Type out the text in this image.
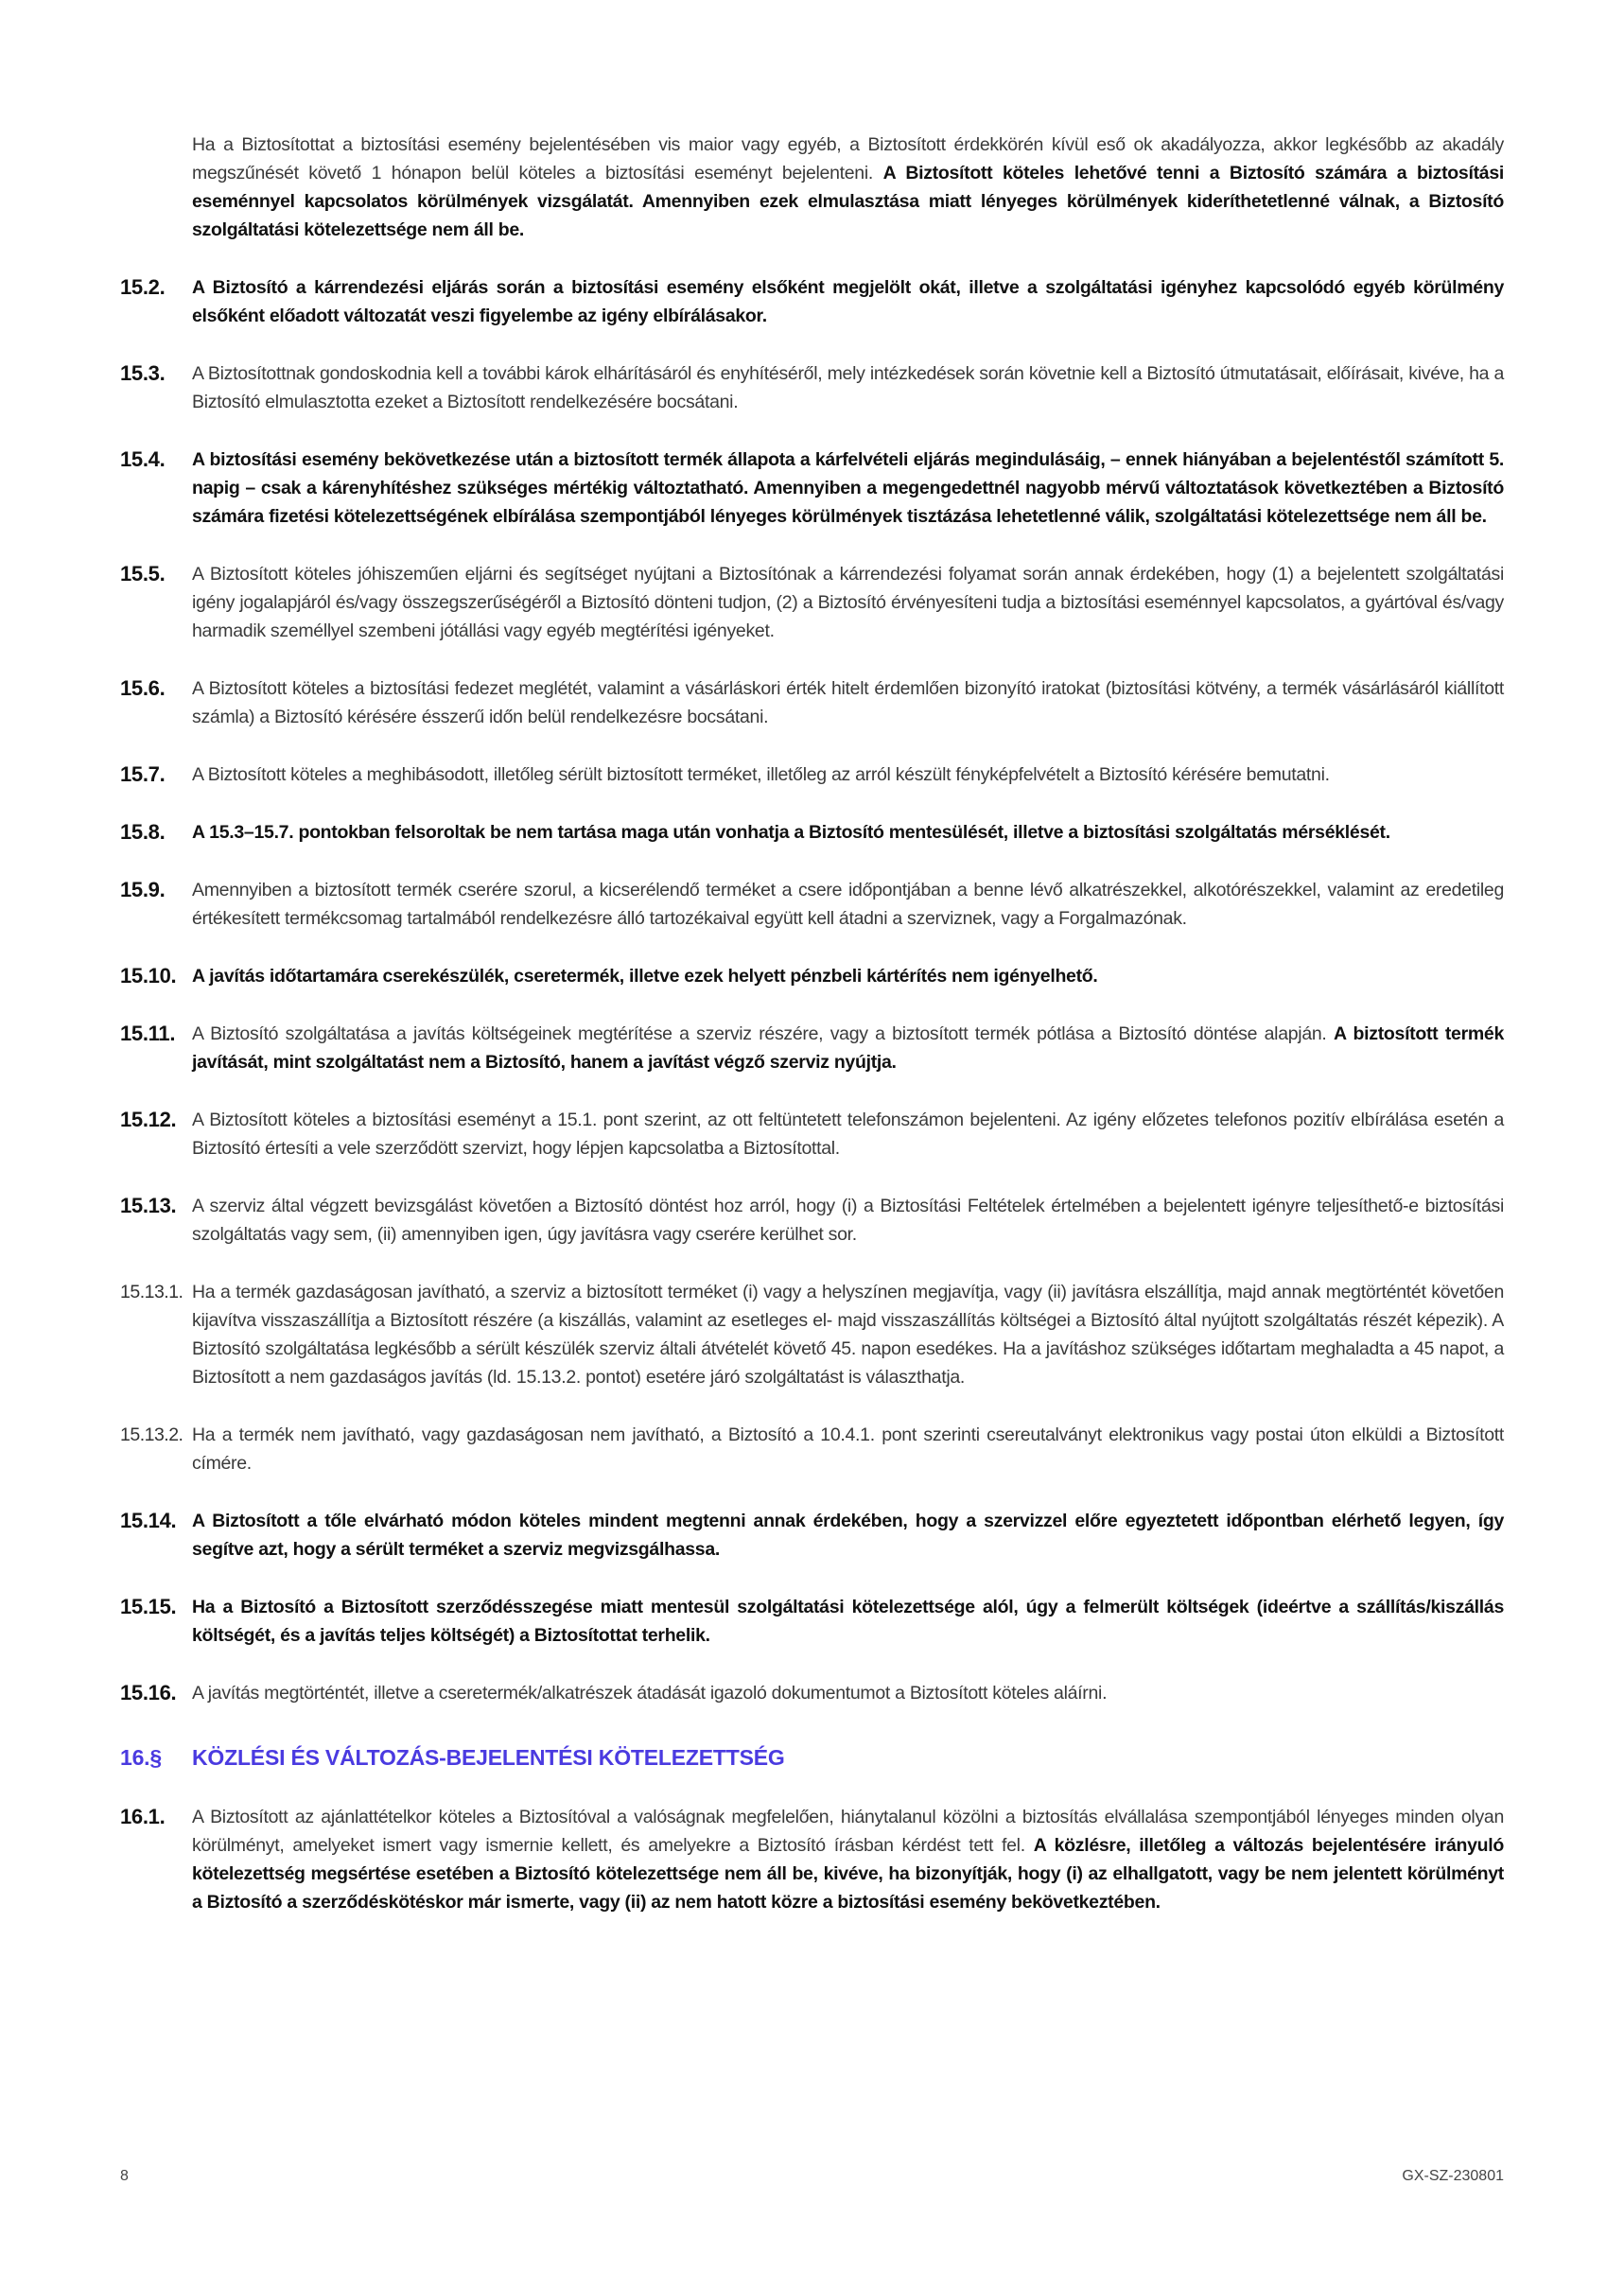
Ha a Biztosítottat a biztosítási esemény bejelentésében vis maior vagy egyéb, a Biztosított érdekkörén kívül eső ok akadályozza, akkor legkésőbb az akadály megszűnését követő 1 hónapon belül köteles a biztosítási eseményt bejelenteni. A Biztosított köteles lehetővé tenni a Biztosító számára a biztosítási eseménnyel kapcsolatos körülmények vizsgálatát. Amennyiben ezek elmulasztása miatt lényeges körülmények kideríthetetlenné válnak, a Biztosító szolgáltatási kötelezettsége nem áll be.
15.2.	A Biztosító a kárrendezési eljárás során a biztosítási esemény elsőként megjelölt okát, illetve a szolgáltatási igényhez kapcsolódó egyéb körülmény elsőként előadott változatát veszi figyelembe az igény elbírálásakor.
15.3.	A Biztosítottnak gondoskodnia kell a további károk elhárításáról és enyhítéséről, mely intézkedések során követnie kell a Biztosító útmutatásait, előírásait, kivéve, ha a Biztosító elmulasztotta ezeket a Biztosított rendelkezésére bocsátani.
15.4.	A biztosítási esemény bekövetkezése után a biztosított termék állapota a kárfelvételi eljárás megindulásáig, – ennek hiányában a bejelentéstől számított 5. napig – csak a kárenyhítéshez szükséges mértékig változtatható. Amennyiben a megengedettnél nagyobb mérvű változtatások következtében a Biztosító számára fizetési kötelezettségének elbírálása szempontjából lényeges körülmények tisztázása lehetetlenné válik, szolgáltatási kötelezettsége nem áll be.
15.5.	A Biztosított köteles jóhiszeműen eljárni és segítséget nyújtani a Biztosítónak a kárrendezési folyamat során annak érdekében, hogy (1) a bejelentett szolgáltatási igény jogalapjáról és/vagy összegszerűségéről a Biztosító dönteni tudjon, (2) a Biztosító érvényesíteni tudja a biztosítási eseménnyel kapcsolatos, a gyártóval és/vagy harmadik személlyel szembeni jótállási vagy egyéb megtérítési igényeket.
15.6.	A Biztosított köteles a biztosítási fedezet meglétét, valamint a vásárláskori érték hitelt érdemlően bizonyító iratokat (biztosítási kötvény, a termék vásárlásáról kiállított számla) a Biztosító kérésére ésszerű időn belül rendelkezésre bocsátani.
15.7.	A Biztosított köteles a meghibásodott, illetőleg sérült biztosított terméket, illetőleg az arról készült fényképfelvételt a Biztosító kérésére bemutatni.
15.8.	A 15.3–15.7. pontokban felsoroltak be nem tartása maga után vonhatja a Biztosító mentesülését, illetve a biztosítási szolgáltatás mérséklését.
15.9.	Amennyiben a biztosított termék cserére szorul, a kicserélendő terméket a csere időpontjában a benne lévő alkatrészekkel, alkotórészekkel, valamint az eredetileg értékesített termékcsomag tartalmából rendelkezésre álló tartozékaival együtt kell átadni a szerviznek, vagy a Forgalmazónak.
15.10. A javítás időtartamára cserekészülék, cseretermék, illetve ezek helyett pénzbeli kártérítés nem igényelhető.
15.11. A Biztosító szolgáltatása a javítás költségeinek megtérítése a szerviz részére, vagy a biztosított termék pótlása a Biztosító döntése alapján. A biztosított termék javítását, mint szolgáltatást nem a Biztosító, hanem a javítást végző szerviz nyújtja.
15.12. A Biztosított köteles a biztosítási eseményt a 15.1. pont szerint, az ott feltüntetett telefonszámon bejelenteni. Az igény előzetes telefonos pozitív elbírálása esetén a Biztosító értesíti a vele szerződött szervizt, hogy lépjen kapcsolatba a Biztosítottal.
15.13. A szerviz által végzett bevizsgálást követően a Biztosító döntést hoz arról, hogy (i) a Biztosítási Feltételek értelmében a bejelentett igényre teljesíthető-e biztosítási szolgáltatás vagy sem, (ii) amennyiben igen, úgy javításra vagy cserére kerülhet sor.
15.13.1. Ha a termék gazdaságosan javítható, a szerviz a biztosított terméket (i) vagy a helyszínen megjavítja, vagy (ii) javításra elszállítja, majd annak megtörténtét követően kijavítva visszaszállítja a Biztosított részére (a kiszállás, valamint az esetleges el- majd visszaszállítás költségei a Biztosító által nyújtott szolgáltatás részét képezik). A Biztosító szolgáltatása legkésőbb a sérült készülék szerviz általi átvételét követő 45. napon esedékes. Ha a javításhoz szükséges időtartam meghaladta a 45 napot, a Biztosított a nem gazdaságos javítás (ld. 15.13.2. pontot) esetére járó szolgáltatást is választhatja.
15.13.2. Ha a termék nem javítható, vagy gazdaságosan nem javítható, a Biztosító a 10.4.1. pont szerinti csereutalványt elektronikus vagy postai úton elküldi a Biztosított címére.
15.14. A Biztosított a tőle elvárható módon köteles mindent megtenni annak érdekében, hogy a szervizzel előre egyeztetett időpontban elérhető legyen, így segítve azt, hogy a sérült terméket a szerviz megvizsgálhassa.
15.15. Ha a Biztosító a Biztosított szerződésszegése miatt mentesül szolgáltatási kötelezettsége alól, úgy a felmerült költségek (ideértve a szállítás/kiszállás költségét, és a javítás teljes költségét) a Biztosítottat terhelik.
15.16. A javítás megtörténtét, illetve a cseretermék/alkatrészek átadását igazoló dokumentumot a Biztosított köteles aláírni.
16.§	KÖZLÉSI ÉS VÁLTOZÁS-BEJELENTÉSI KÖTELEZETTSÉG
16.1.	A Biztosított az ajánlattételkor köteles a Biztosítóval a valóságnak megfelelően, hiánytalanul közölni a biztosítás elvállalása szempontjából lényeges minden olyan körülményt, amelyeket ismert vagy ismernie kellett, és amelyekre a Biztosító írásban kérdést tett fel. A közlésre, illetőleg a változás bejelentésére irányuló kötelezettség megsértése esetében a Biztosító kötelezettsége nem áll be, kivéve, ha bizonyítják, hogy (i) az elhallgatott, vagy be nem jelentett körülményt a Biztosító a szerződéskötéskor már ismerte, vagy (ii) az nem hatott közre a biztosítási esemény bekövetkeztében.
8	GX-SZ-230801
